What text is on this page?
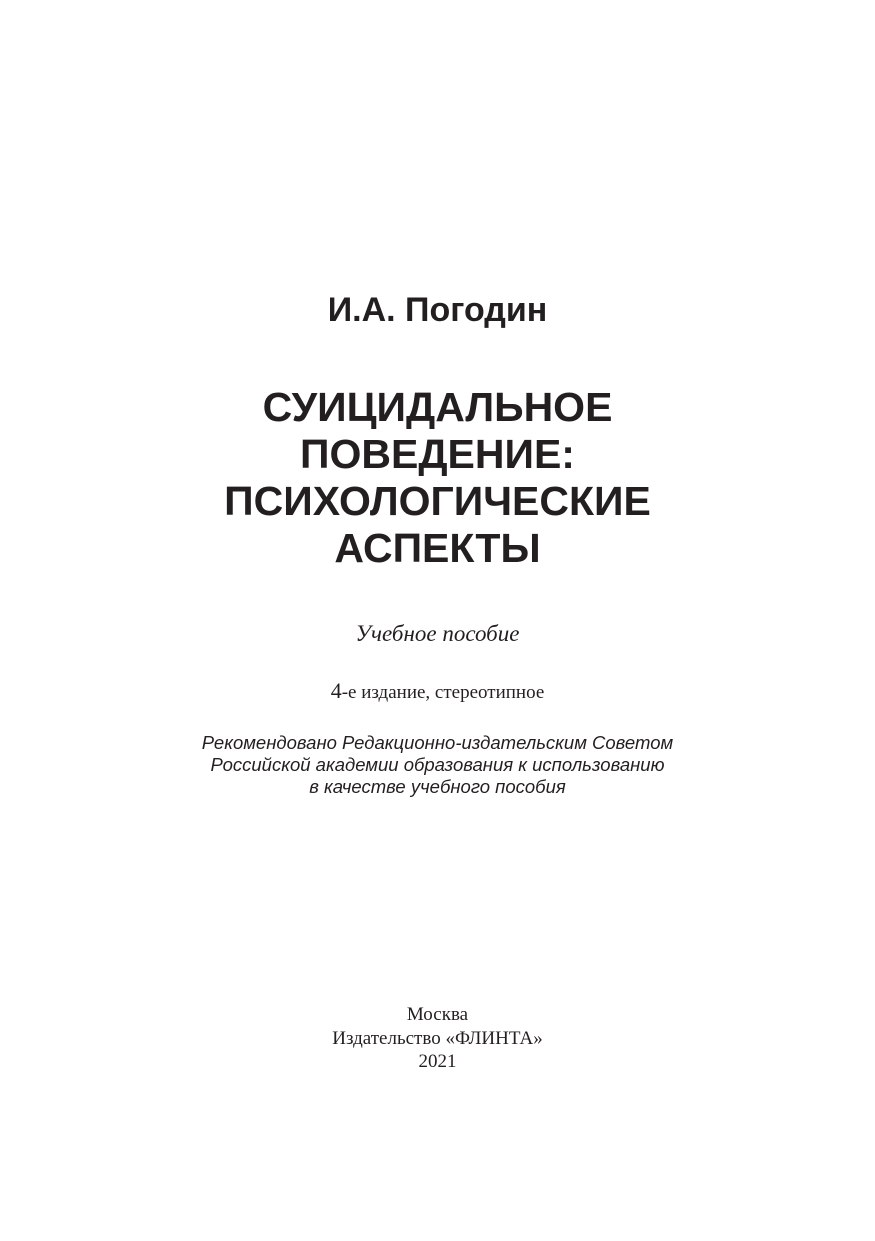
И.А. Погодин
СУИЦИДАЛЬНОЕ
ПОВЕДЕНИЕ:
ПСИХОЛОГИЧЕСКИЕ
АСПЕКТЫ
Учебное пособие
4-е издание, стереотипное
Рекомендовано Редакционно-издательским Советом
Российской академии образования к использованию
в качестве учебного пособия
Москва
Издательство «ФЛИНТА»
2021
